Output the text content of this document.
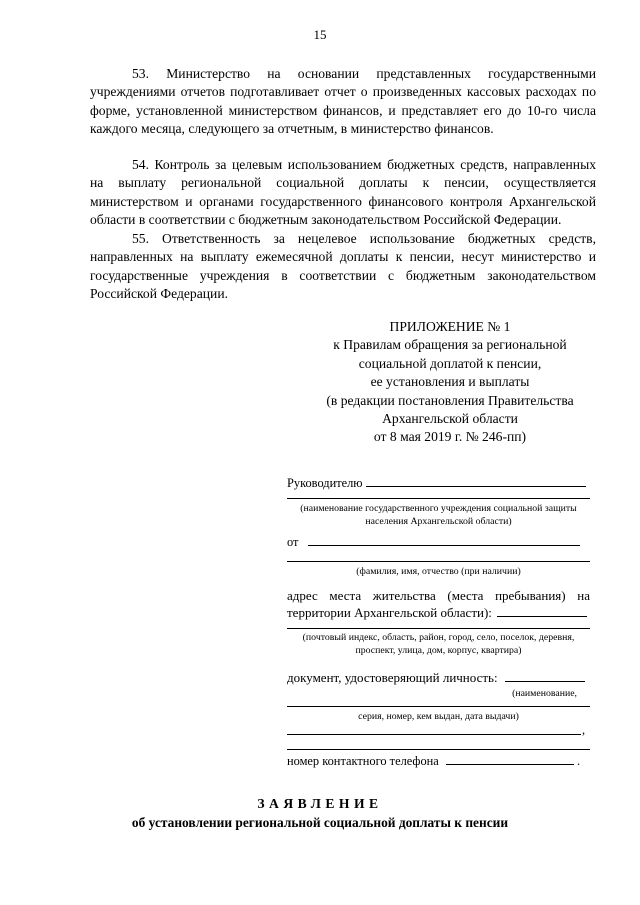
15

53. Министерство на основании представленных государственными учреждениями отчетов подготавливает отчет о произведенных кассовых расходах по форме, установленной министерством финансов, и представляет его до 10-го числа каждого месяца, следующего за отчетным, в министерство финансов.

54. Контроль за целевым использованием бюджетных средств, направленных на выплату региональной социальной доплаты к пенсии, осуществляется министерством и органами государственного финансового контроля Архангельской области в соответствии с бюджетным законодательством Российской Федерации.

55. Ответственность за нецелевое использование бюджетных средств, направленных на выплату ежемесячной доплаты к пенсии, несут министерство и государственные учреждения в соответствии с бюджетным законодательством Российской Федерации.

ПРИЛОЖЕНИЕ № 1
к Правилам обращения за региональной
социальной доплатой к пенсии,
ее установления и выплаты
(в редакции постановления Правительства
Архангельской области
от 8 мая 2019 г. № 246-пп)
Руководителю
(наименование государственного учреждения социальной защиты населения Архангельской области)
от
(фамилия, имя, отчество (при наличии)
адрес места жительства (места пребывания) на
территории Архангельской области):
(почтовый индекс, область, район, город, село, поселок, деревня, проспект, улица, дом, корпус, квартира)
документ, удостоверяющий личность:
(наименование,
серия, номер, кем выдан, дата выдачи)
,
номер контактного телефона	.
ЗАЯВЛЕНИЕ
об установлении региональной социальной доплаты к пенсии
